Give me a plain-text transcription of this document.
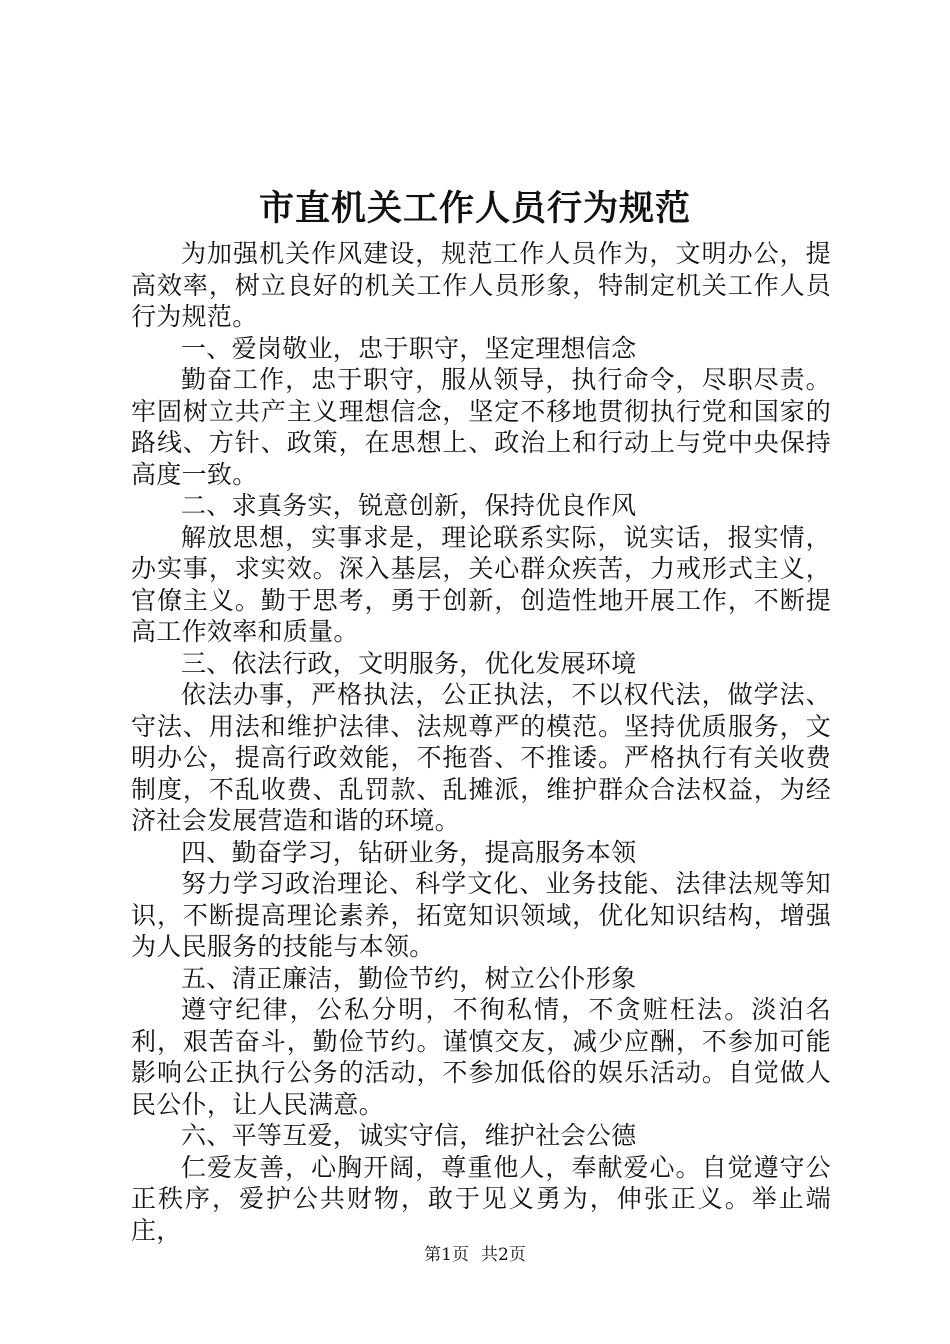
市直机关工作人员行为规范

为加强机关作风建设，规范工作人员作为，文明办公，提高效率，树立良好的机关工作人员形象，特制定机关工作人员行为规范。

一、爱岗敬业，忠于职守，坚定理想信念

勤奋工作，忠于职守，服从领导，执行命令，尽职尽责。牢固树立共产主义理想信念，坚定不移地贯彻执行党和国家的路线、方针、政策，在思想上、政治上和行动上与党中央保持高度一致。

二、求真务实，锐意创新，保持优良作风

解放思想，实事求是，理论联系实际，说实话，报实情，办实事，求实效。深入基层，关心群众疾苦，力戒形式主义，官僚主义。勤于思考，勇于创新，创造性地开展工作，不断提高工作效率和质量。

三、依法行政，文明服务，优化发展环境

依法办事，严格执法，公正执法，不以权代法，做学法、守法、用法和维护法律、法规尊严的模范。坚持优质服务，文明办公，提高行政效能，不拖沓、不推诿。严格执行有关收费制度，不乱收费、乱罚款、乱摊派，维护群众合法权益，为经济社会发展营造和谐的环境。

四、勤奋学习，钻研业务，提高服务本领

努力学习政治理论、科学文化、业务技能、法律法规等知识，不断提高理论素养，拓宽知识领域，优化知识结构，增强为人民服务的技能与本领。

五、清正廉洁，勤俭节约，树立公仆形象

遵守纪律，公私分明，不徇私情，不贪赃枉法。淡泊名利，艰苦奋斗，勤俭节约。谨慎交友，减少应酬，不参加可能影响公正执行公务的活动，不参加低俗的娱乐活动。自觉做人民公仆，让人民满意。

六、平等互爱，诚实守信，维护社会公德

仁爱友善，心胸开阔，尊重他人，奉献爱心。自觉遵守公正秩序，爱护公共财物，敢于见义勇为，伸张正义。举止端庄，

第1页 共2页
